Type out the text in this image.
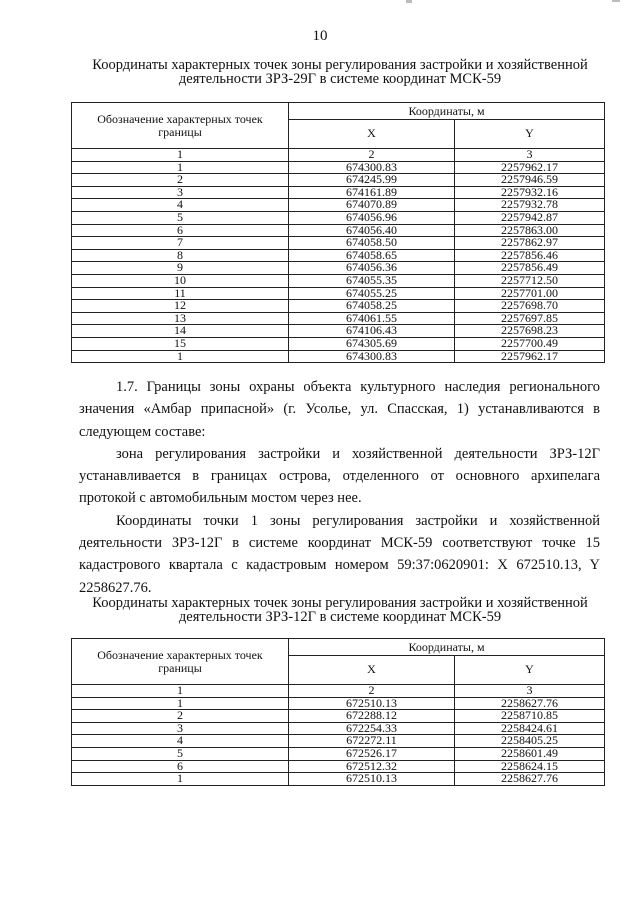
10
Координаты характерных точек зоны регулирования застройки и хозяйственной
деятельности ЗРЗ-29Г в системе координат МСК-59
Обозначение характерных точек границы	Координаты, м	
	X	Y
1	2	3
1	674300.83	2257962.17
2	674245.99	2257946.59
3	674161.89	2257932.16
4	674070.89	2257932.78
5	674056.96	2257942.87
6	674056.40	2257863.00
7	674058.50	2257862.97
8	674058.65	2257856.46
9	674056.36	2257856.49
10	674055.35	2257712.50
11	674055.25	2257701.00
12	674058.25	2257698.70
13	674061.55	2257697.85
14	674106.43	2257698.23
15	674305.69	2257700.49
1	674300.83	2257962.17

1.7. Границы зоны охраны объекта культурного наследия регионального значения «Амбар припасной» (г. Усолье, ул. Спасская, 1) устанавливаются в следующем составе:

зона регулирования застройки и хозяйственной деятельности ЗРЗ-12Г устанавливается в границах острова, отделенного от основного архипелага протокой с автомобильным мостом через нее.

Координаты точки 1 зоны регулирования застройки и хозяйственной деятельности ЗРЗ-12Г в системе координат МСК-59 соответствуют точке 15 кадастрового квартала с кадастровым номером 59:37:0620901: X 672510.13, Y 2258627.76.

Координаты характерных точек зоны регулирования застройки и хозяйственной
деятельности ЗРЗ-12Г в системе координат МСК-59
Обозначение характерных точек границы	Координаты, м	
	X	Y
1	2	3
1	672510.13	2258627.76
2	672288.12	2258710.85
3	672254.33	2258424.61
4	672272.11	2258405.25
5	672526.17	2258601.49
6	672512.32	2258624.15
1	672510.13	2258627.76
